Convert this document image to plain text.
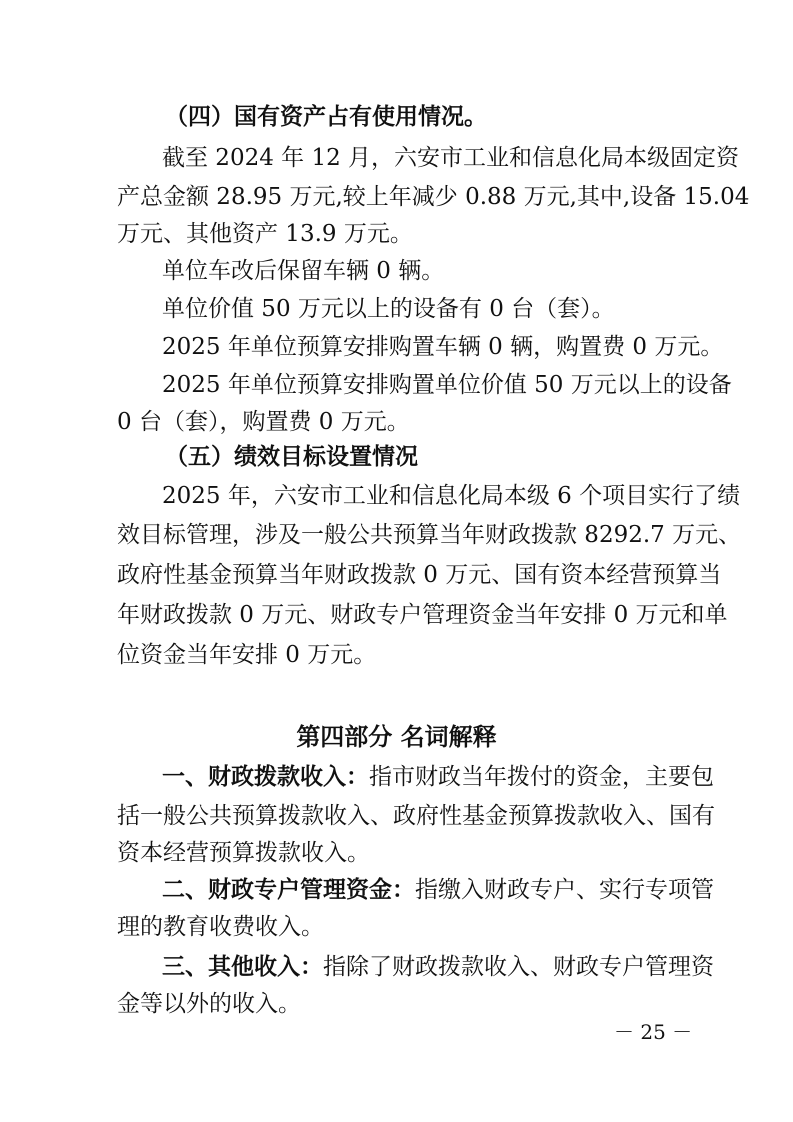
（四）国有资产占有使用情况。
截至 2024 年 12 月，六安市工业和信息化局本级固定资
产总金额 28.95 万元,较上年减少 0.88 万元,其中,设备 15.04
万元、其他资产 13.9 万元。
单位车改后保留车辆 0 辆。
单位价值 50 万元以上的设备有 0 台（套）。
2025 年单位预算安排购置车辆 0 辆，购置费 0 万元。
2025 年单位预算安排购置单位价值 50 万元以上的设备
0 台（套），购置费 0 万元。
（五）绩效目标设置情况
2025 年，六安市工业和信息化局本级 6 个项目实行了绩
效目标管理，涉及一般公共预算当年财政拨款 8292.7 万元、
政府性基金预算当年财政拨款 0 万元、国有资本经营预算当
年财政拨款 0 万元、财政专户管理资金当年安排 0 万元和单
位资金当年安排 0 万元。
第四部分 名词解释
一、财政拨款收入：指市财政当年拨付的资金，主要包
括一般公共预算拨款收入、政府性基金预算拨款收入、国有
资本经营预算拨款收入。
二、财政专户管理资金：指缴入财政专户、实行专项管
理的教育收费收入。
三、其他收入：指除了财政拨款收入、财政专户管理资
金等以外的收入。
－ 25 －
